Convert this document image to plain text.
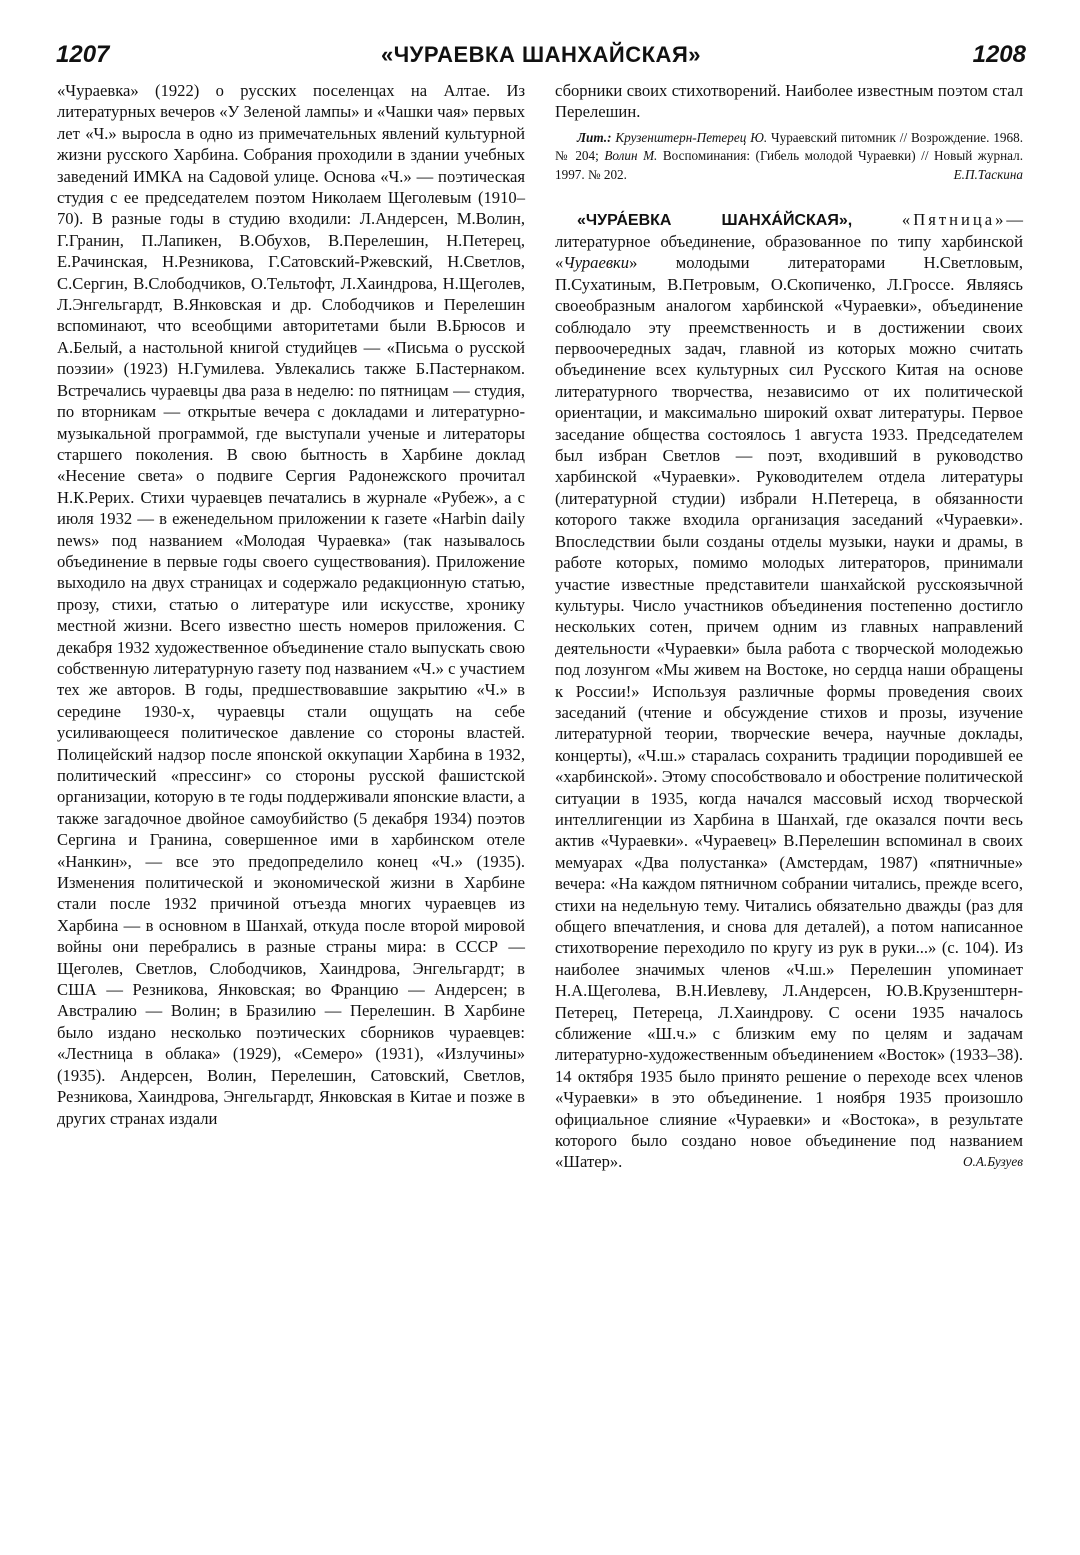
1207	«ЧУРАЕВКА ШАНХАЙСКАЯ»	1208

«Чураевка» (1922) о русских поселенцах на Алтае. Из литературных вечеров «У Зеленой лампы» и «Чашки чая» первых лет «Ч.» выросла в одно из примечательных явлений культурной жизни русского Харбина. Собрания проходили в здании учебных заведений ИМКА на Садовой улице. Основа «Ч.» — поэтическая студия с ее председателем поэтом Николаем Щеголевым (1910–70). В разные годы в студию входили: Л.Андерсен, М.Волин, Г.Гранин, П.Лапикен, В.Обухов, В.Перелешин, Н.Петерец, Е.Рачинская, Н.Резникова, Г.Сатовский-Ржевский, Н.Светлов, С.Сергин, В.Слободчиков, О.Тельтофт, Л.Хаиндрова, Н.Щеголев, Л.Энгельгардт, В.Янковская и др. Слободчиков и Перелешин вспоминают, что всеобщими авторитетами были В.Брюсов и А.Белый, а настольной книгой студийцев — «Письма о русской поэзии» (1923) Н.Гумилева. Увлекались также Б.Пастернаком. Встречались чураевцы два раза в неделю: по пятницам — студия, по вторникам — открытые вечера с докладами и литературно-музыкальной программой, где выступали ученые и литераторы старшего поколения. В свою бытность в Харбине доклад «Несение света» о подвиге Сергия Радонежского прочитал Н.К.Рерих. Стихи чураевцев печатались в журнале «Рубеж», а с июля 1932 — в еженедельном приложении к газете «Harbin daily news» под названием «Молодая Чураевка» (так называлось объединение в первые годы своего существования). Приложение выходило на двух страницах и содержало редакционную статью, прозу, стихи, статью о литературе или искусстве, хронику местной жизни. Всего известно шесть номеров приложения. С декабря 1932 художественное объединение стало выпускать свою собственную литературную газету под названием «Ч.» с участием тех же авторов. В годы, предшествовавшие закрытию «Ч.» в середине 1930-х, чураевцы стали ощущать на себе усиливающееся политическое давление со стороны властей. Полицейский надзор после японской оккупации Харбина в 1932, политический «прессинг» со стороны русской фашистской организации, которую в те годы поддерживали японские власти, а также загадочное двойное самоубийство (5 декабря 1934) поэтов Сергина и Гранина, совершенное ими в харбинском отеле «Нанкин», — все это предопределило конец «Ч.» (1935). Изменения политической и экономической жизни в Харбине стали после 1932 причиной отъезда многих чураевцев из Харбина — в основном в Шанхай, откуда после второй мировой войны они перебрались в разные страны мира: в СССР — Щеголев, Светлов, Слободчиков, Хаиндрова, Энгельгардт; в США — Резникова, Янковская; во Францию — Андерсен; в Австралию — Волин; в Бразилию — Перелешин. В Харбине было издано несколько поэтических сборников чураевцев: «Лестница в облака» (1929), «Семеро» (1931), «Излучины» (1935). Андерсен, Волин, Перелешин, Сатовский, Светлов, Резникова, Хаиндрова, Энгельгардт, Янковская в Китае и позже в других странах издали

сборники своих стихотворений. Наиболее известным поэтом стал Перелешин.

Лит.: Крузенштерн-Петерец Ю. Чураевский питомник // Возрождение. 1968. № 204; Волин М. Воспоминания: (Гибель молодой Чураевки) // Новый журнал. 1997. № 202.	Е.П.Таскина

«ЧУРА́ЕВКА ШАНХА́ЙСКАЯ»,	«Пятница»— литературное объединение, образованное по типу харбинской «Чураевки» молодыми литераторами Н.Светловым, П.Сухатиным, В.Петровым, О.Скопиченко, Л.Гроссе. Являясь своеобразным аналогом харбинской «Чураевки», объединение соблюдало эту преемственность и в достижении своих первоочередных задач, главной из которых можно считать объединение всех культурных сил Русского Китая на основе литературного творчества, независимо от их политической ориентации, и максимально широкий охват литературы. Первое заседание общества состоялось 1 августа 1933. Председателем был избран Светлов — поэт, входивший в руководство харбинской «Чураевки». Руководителем отдела литературы (литературной студии) избрали Н.Петереца, в обязанности которого также входила организация заседаний «Чураевки». Впоследствии были созданы отделы музыки, науки и драмы, в работе которых, помимо молодых литераторов, принимали участие известные представители шанхайской русскоязычной культуры. Число участников объединения постепенно достигло нескольких сотен, причем одним из главных направлений деятельности «Чураевки» была работа с творческой молодежью под лозунгом «Мы живем на Востоке, но сердца наши обращены к России!» Используя различные формы проведения своих заседаний (чтение и обсуждение стихов и прозы, изучение литературной теории, творческие вечера, научные доклады, концерты), «Ч.ш.» старалась сохранить традиции породившей ее «харбинской». Этому способствовало и обострение политической ситуации в 1935, когда начался массовый исход творческой интеллигенции из Харбина в Шанхай, где оказался почти весь актив «Чураевки». «Чураевец» В.Перелешин вспоминал в своих мемуарах «Два полустанка» (Амстердам, 1987) «пятничные» вечера: «На каждом пятничном собрании читались, прежде всего, стихи на недельную тему. Читались обязательно дважды (раз для общего впечатления, и снова для деталей), а потом написанное стихотворение переходило по кругу из рук в руки...» (с. 104). Из наиболее значимых членов «Ч.ш.» Перелешин упоминает Н.А.Щеголева, В.Н.Иевлеву, Л.Андерсен, Ю.В.Крузенштерн-Петерец, Петереца, Л.Хаиндрову. С осени 1935 началось сближение «Ш.ч.» с близким ему по целям и задачам литературно-художественным объединением «Восток» (1933–38). 14 октября 1935 было принято решение о переходе всех членов «Чураевки» в это объединение. 1 ноября 1935 произошло официальное слияние «Чураевки» и «Востока», в результате которого было создано новое объединение под названием «Шатер».	О.А.Бузуев
